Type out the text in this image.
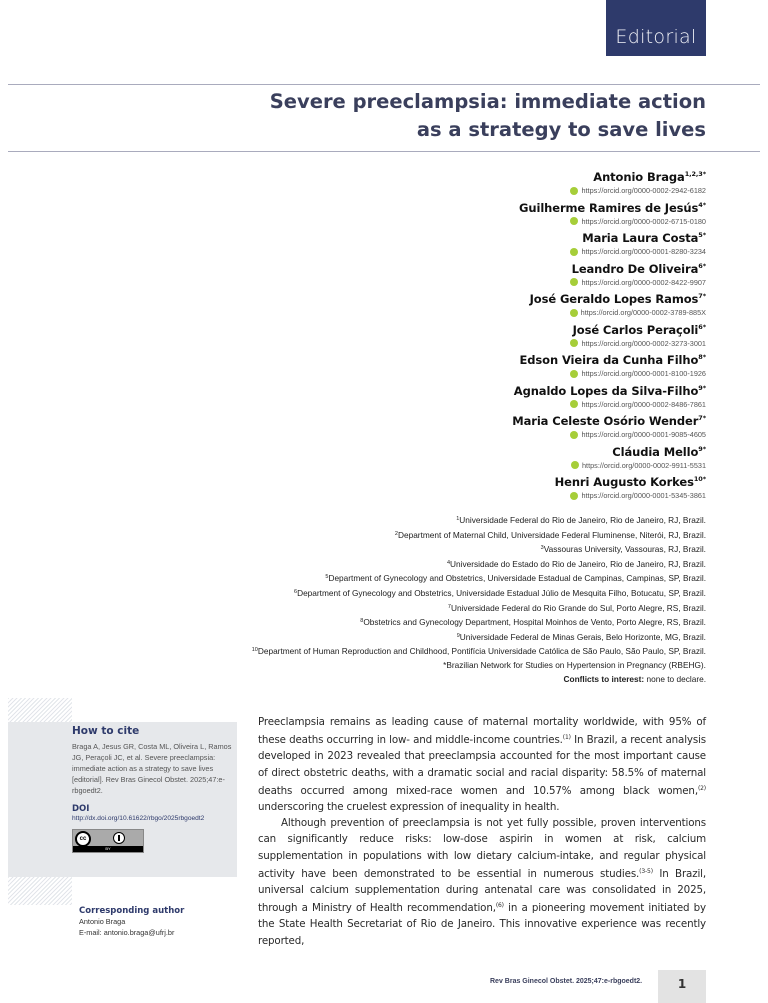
Editorial
Severe preeclampsia: immediate action
as a strategy to save lives
Antonio Braga$^{1,2,3*}$
https://orcid.org/0000-0002-2942-6182
Guilherme Ramires de Jesús$^{4*}$
https://orcid.org/0000-0002-6715-0180
Maria Laura Costa$^{5*}$
https://orcid.org/0000-0001-8280-3234
Leandro De Oliveira$^{6*}$
https://orcid.org/0000-0002-8422-9907
José Geraldo Lopes Ramos$^{7*}$
https://orcid.org/0000-0002-3789-885X
José Carlos Peraçoli$^{6*}$
https://orcid.org/0000-0002-3273-3001
Edson Vieira da Cunha Filho$^{8*}$
https://orcid.org/0000-0001-8100-1926
Agnaldo Lopes da Silva-Filho$^{9*}$
https://orcid.org/0000-0002-8486-7861
Maria Celeste Osório Wender$^{7*}$
https://orcid.org/0000-0001-9085-4605
Cláudia Mello$^{9*}$
https://orcid.org/0000-0002-9911-5531
Henri Augusto Korkes$^{10*}$
https://orcid.org/0000-0001-5345-3861
$^1$Universidade Federal do Rio de Janeiro, Rio de Janeiro, RJ, Brazil.
$^2$Department of Maternal Child, Universidade Federal Fluminense, Niterói, RJ, Brazil.
$^3$Vassouras University, Vassouras, RJ, Brazil.
$^4$Universidade do Estado do Rio de Janeiro, Rio de Janeiro, RJ, Brazil.
$^5$Department of Gynecology and Obstetrics, Universidade Estadual de Campinas, Campinas, SP, Brazil.
$^6$Department of Gynecology and Obstetrics, Universidade Estadual Júlio de Mesquita Filho, Botucatu, SP, Brazil.
$^7$Universidade Federal do Rio Grande do Sul, Porto Alegre, RS, Brazil.
$^8$Obstetrics and Gynecology Department, Hospital Moinhos de Vento, Porto Alegre, RS, Brazil.
$^9$Universidade Federal de Minas Gerais, Belo Horizonte, MG, Brazil.
$^{10}$Department of Human Reproduction and Childhood, Pontifícia Universidade Católica de São Paulo, São Paulo, SP, Brazil.
*Brazilian Network for Studies on Hypertension in Pregnancy (RBEHG).
Conflicts to interest: none to declare.
How to cite
Braga A, Jesus GR, Costa ML, Oliveira L, Ramos JG, Peraçoli JC, et al. Severe preeclampsia: immediate action as a strategy to save lives [editorial]. Rev Bras Ginecol Obstet. 2025;47:e-rbgoedt2.
DOI
http://dx.doi.org/10.61622/rbgo/2025rbgoedt2
cc
BY
Corresponding author
Antonio Braga
E-mail: antonio.braga@ufrj.br

Preeclampsia remains as leading cause of maternal mortality worldwide, with 95% of these deaths occurring in low- and middle-income countries.$^{(1)}$ In Brazil, a recent analysis developed in 2023 revealed that preeclampsia accounted for the most important cause of direct obstetric deaths, with a dramatic social and racial disparity: 58.5% of maternal deaths occurred among mixed-race women and 10.57% among black women,$^{(2)}$ underscoring the cruelest expression of inequality in health.

Although prevention of preeclampsia is not yet fully possible, proven interventions can significantly reduce risks: low-dose aspirin in women at risk, calcium supplementation in populations with low dietary calcium-intake, and regular physical activity have been demonstrated to be essential in numerous studies.$^{(3-5)}$ In Brazil, universal calcium supplementation during antenatal care was consolidated in 2025, through a Ministry of Health recommendation,$^{(6)}$ in a pioneering movement initiated by the State Health Secretariat of Rio de Janeiro. This innovative experience was recently reported,

Rev Bras Ginecol Obstet. 2025;47:e-rbgoedt2.	1
